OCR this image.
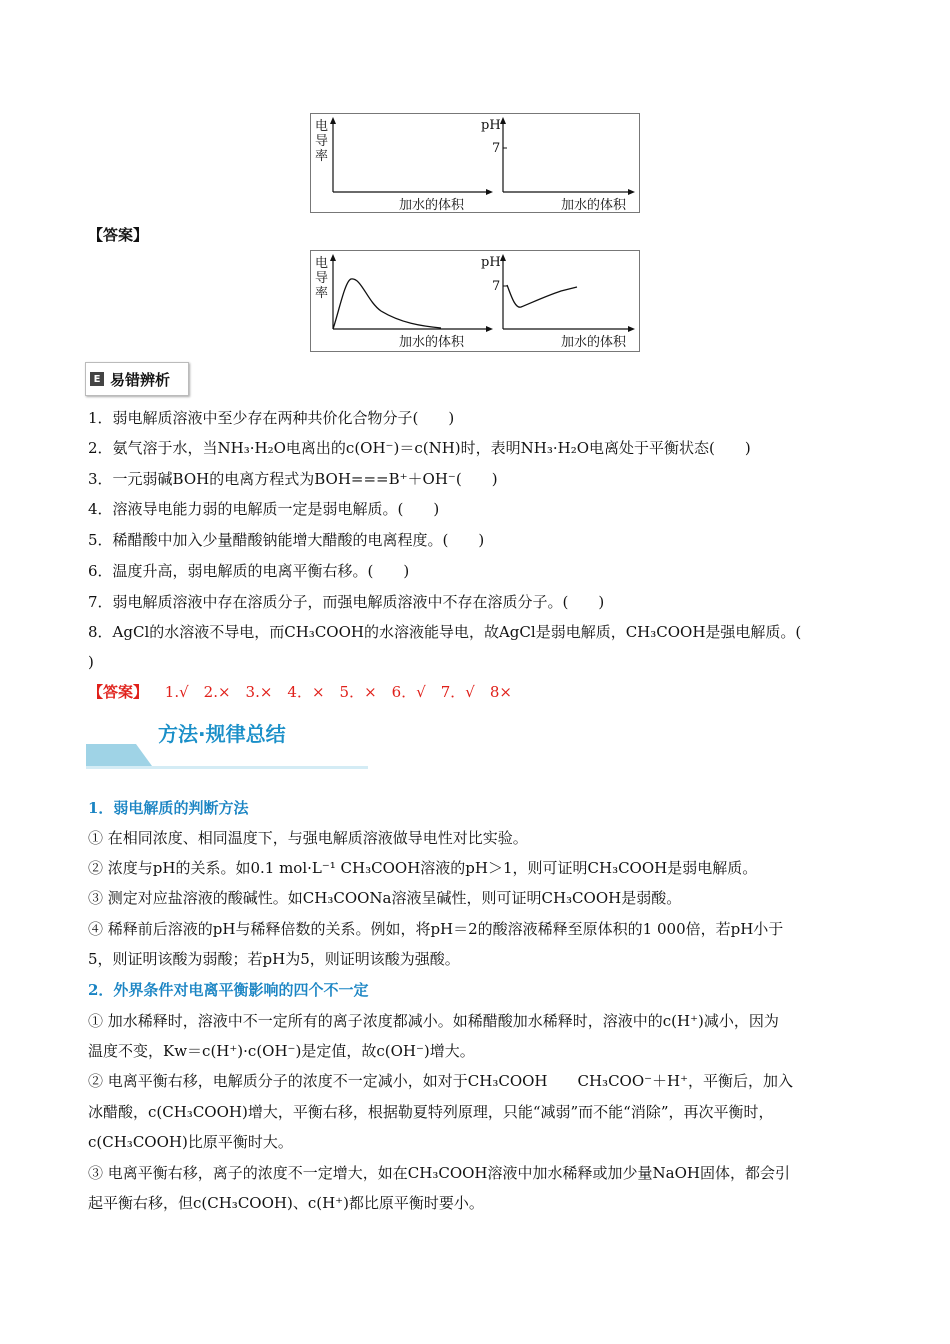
电
导
率
加水的体积
pH
7
加水的体积
【答案】
电
导
率
加水的体积
pH
7
加水的体积
E 易错辨析
1．弱电解质溶液中至少存在两种共价化合物分子(　　)
2．氨气溶于水，当NH₃·H₂O电离出的c(OH⁻)＝c(NH)时，表明NH₃·H₂O电离处于平衡状态(　　)
3．一元弱碱BOH的电离方程式为BOH===B⁺＋OH⁻(　　)
4．溶液导电能力弱的电解质一定是弱电解质。(　　)
5．稀醋酸中加入少量醋酸钠能增大醋酸的电离程度。(　　)
6．温度升高，弱电解质的电离平衡右移。(　　)
7．弱电解质溶液中存在溶质分子，而强电解质溶液中不存在溶质分子。(　　)
8．AgCl的水溶液不导电，而CH₃COOH的水溶液能导电，故AgCl是弱电解质，CH₃COOH是强电解质。(
)
【答案】 1.√　2.×　3.×　4．×　5．×　6．√　7．√　8×
方法·规律总结
1．弱电解质的判断方法
① 在相同浓度、相同温度下，与强电解质溶液做导电性对比实验。
② 浓度与pH的关系。如0.1 mol·L⁻¹ CH₃COOH溶液的pH＞1，则可证明CH₃COOH是弱电解质。
③ 测定对应盐溶液的酸碱性。如CH₃COONa溶液呈碱性，则可证明CH₃COOH是弱酸。
④ 稀释前后溶液的pH与稀释倍数的关系。例如，将pH＝2的酸溶液稀释至原体积的1 000倍，若pH小于
5，则证明该酸为弱酸；若pH为5，则证明该酸为强酸。
2．外界条件对电离平衡影响的四个不一定
① 加水稀释时，溶液中不一定所有的离子浓度都减小。如稀醋酸加水稀释时，溶液中的c(H⁺)减小，因为
温度不变，Kw＝c(H⁺)·c(OH⁻)是定值，故c(OH⁻)增大。
② 电离平衡右移，电解质分子的浓度不一定减小，如对于CH₃COOH　　CH₃COO⁻＋H⁺，平衡后，加入
冰醋酸，c(CH₃COOH)增大，平衡右移，根据勒夏特列原理，只能“减弱”而不能“消除”，再次平衡时，
c(CH₃COOH)比原平衡时大。
③ 电离平衡右移，离子的浓度不一定增大，如在CH₃COOH溶液中加水稀释或加少量NaOH固体，都会引
起平衡右移，但c(CH₃COOH)、c(H⁺)都比原平衡时要小。
